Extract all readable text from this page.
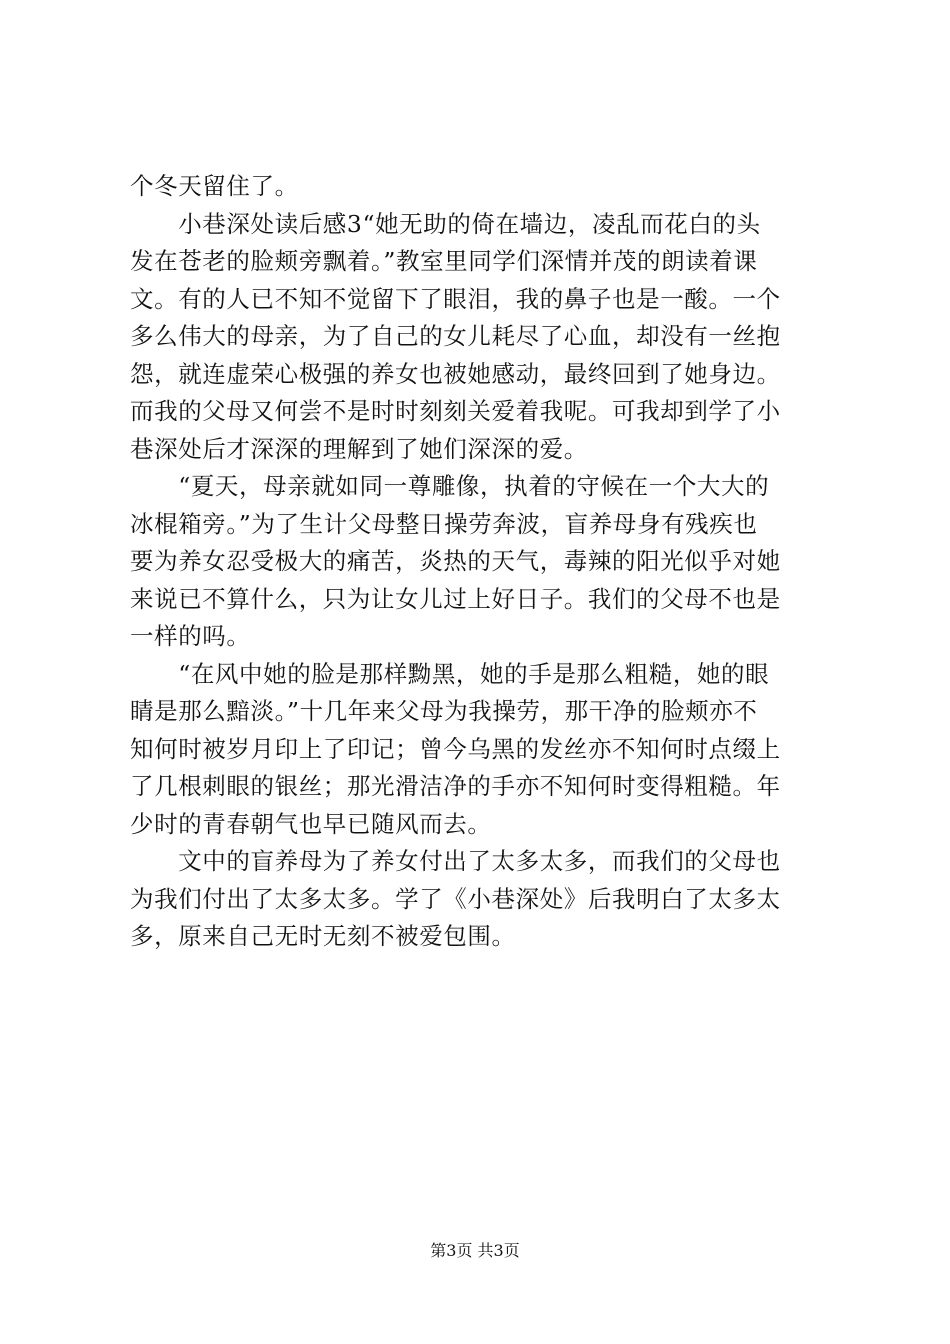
个冬天留住了。
　　小巷深处读后感3“她无助的倚在墙边，凌乱而花白的头
发在苍老的脸颊旁飘着。”教室里同学们深情并茂的朗读着课
文。有的人已不知不觉留下了眼泪，我的鼻子也是一酸。一个
多么伟大的母亲，为了自己的女儿耗尽了心血，却没有一丝抱
怨，就连虚荣心极强的养女也被她感动，最终回到了她身边。
而我的父母又何尝不是时时刻刻关爱着我呢。可我却到学了小
巷深处后才深深的理解到了她们深深的爱。
　　“夏天，母亲就如同一尊雕像，执着的守候在一个大大的
冰棍箱旁。”为了生计父母整日操劳奔波，盲养母身有残疾也
要为养女忍受极大的痛苦，炎热的天气，毒辣的阳光似乎对她
来说已不算什么，只为让女儿过上好日子。我们的父母不也是
一样的吗。
　　“在风中她的脸是那样黝黑，她的手是那么粗糙，她的眼
睛是那么黯淡。”十几年来父母为我操劳，那干净的脸颊亦不
知何时被岁月印上了印记；曾今乌黑的发丝亦不知何时点缀上
了几根刺眼的银丝；那光滑洁净的手亦不知何时变得粗糙。年
少时的青春朝气也早已随风而去。
　　文中的盲养母为了养女付出了太多太多，而我们的父母也
为我们付出了太多太多。学了《小巷深处》后我明白了太多太
多，原来自己无时无刻不被爱包围。
第3页 共3页
